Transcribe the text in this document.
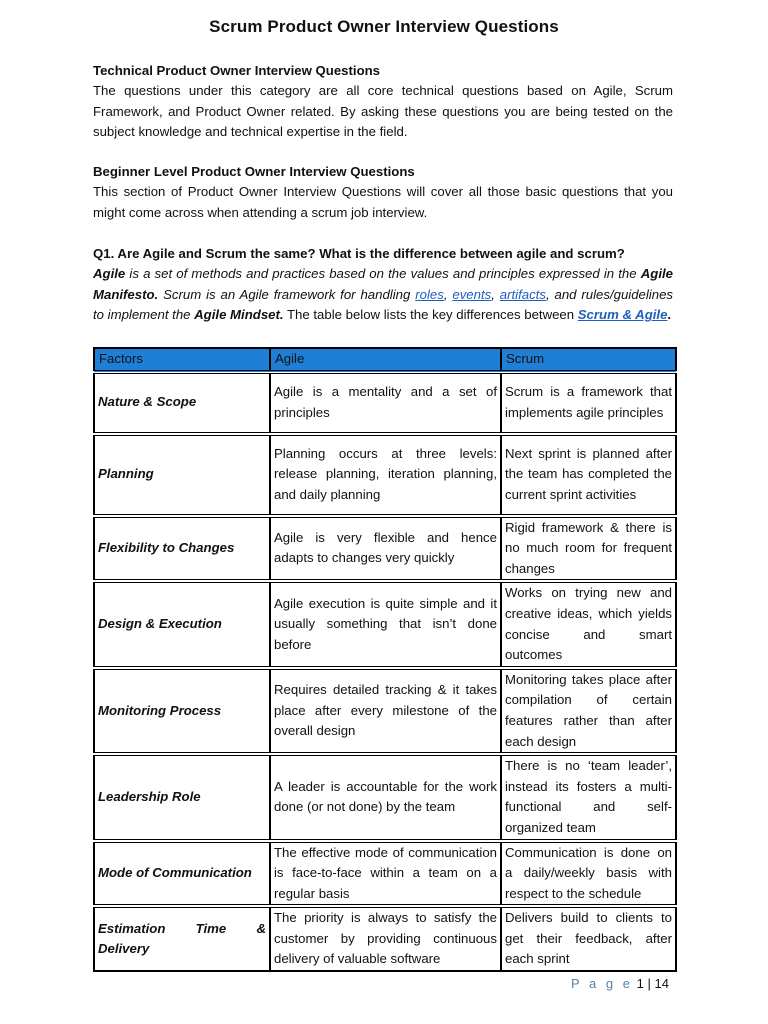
Scrum Product Owner Interview Questions
Technical Product Owner Interview Questions
The questions under this category are all core technical questions based on Agile, Scrum Framework, and Product Owner related. By asking these questions you are being tested on the subject knowledge and technical expertise in the field.
Beginner Level Product Owner Interview Questions
This section of Product Owner Interview Questions will cover all those basic questions that you might come across when attending a scrum job interview.
Q1. Are Agile and Scrum the same? What is the difference between agile and scrum?
Agile is a set of methods and practices based on the values and principles expressed in the Agile Manifesto. Scrum is an Agile framework for handling roles, events, artifacts, and rules/guidelines to implement the Agile Mindset. The table below lists the key differences between Scrum & Agile.
Factors	Agile	Scrum
Nature & Scope	Agile is a mentality and a set of principles	Scrum is a framework that implements agile principles
Planning	Planning occurs at three levels: release planning, iteration planning, and daily planning	Next sprint is planned after the team has completed the current sprint activities
Flexibility to Changes	Agile is very flexible and hence adapts to changes very quickly	Rigid framework & there is no much room for frequent changes
Design & Execution	Agile execution is quite simple and it usually something that isn’t done before	Works on trying new and creative ideas, which yields concise and smart outcomes
Monitoring Process	Requires detailed tracking & it takes place after every milestone of the overall design	Monitoring takes place after compilation of certain features rather than after each design
Leadership Role	A leader is accountable for the work done (or not done) by the team	There is no ‘team leader’, instead its fosters a multi-functional and self-organized team
Mode of Communication	The effective mode of communication is face-to-face within a team on a regular basis	Communication is done on a daily/weekly basis with respect to the schedule
Estimation Time & Delivery	The priority is always to satisfy the customer by providing continuous delivery of valuable software	Delivers build to clients to get their feedback, after each sprint
P a g e 1 | 14
